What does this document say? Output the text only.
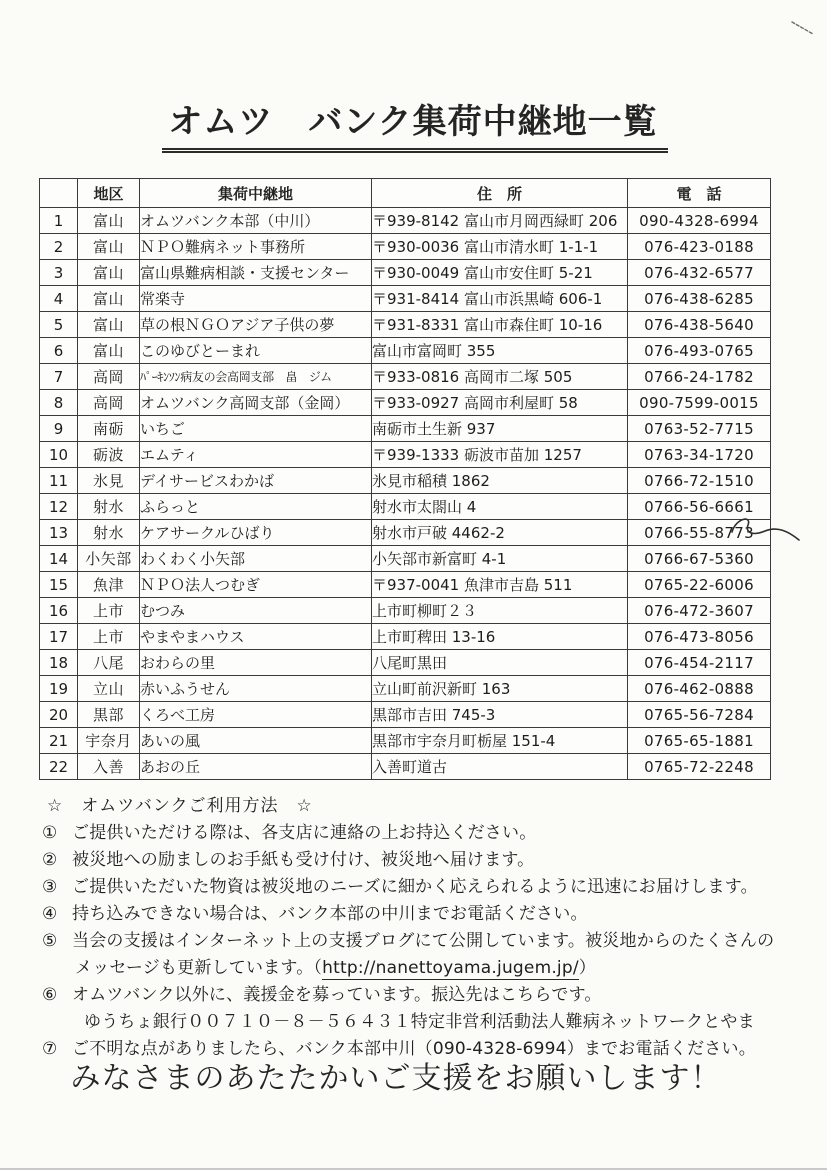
オムツ　バンク集荷中継地一覧
	地区	集荷中継地	住　所	電　話
1	富山	オムツバンク本部（中川）	〒939-8142 富山市月岡西緑町 206	090-4328-6994
2	富山	ＮＰＯ難病ネット事務所	〒930-0036 富山市清水町 1-1-1	076-423-0188
3	富山	富山県難病相談・支援センター	〒930-0049 富山市安住町 5-21	076-432-6577
4	富山	常楽寺	〒931-8414 富山市浜黒崎 606-1	076-438-6285
5	富山	草の根ＮＧＯアジア子供の夢	〒931-8331 富山市森住町 10-16	076-438-5640
6	富山	このゆびとーまれ	富山市富岡町 355	076-493-0765
7	高岡	ﾊﾟｰｷﾝｿﾝ病友の会高岡支部　畠　ジム	〒933-0816 高岡市二塚 505	0766-24-1782
8	高岡	オムツバンク高岡支部（金岡）	〒933-0927 高岡市利屋町 58	090-7599-0015
9	南砺	いちご	南砺市土生新 937	0763-52-7715
10	砺波	エムティ	〒939-1333 砺波市苗加 1257	0763-34-1720
11	氷見	デイサービスわかば	氷見市稲積 1862	0766-72-1510
12	射水	ふらっと	射水市太閤山 4	0766-56-6661
13	射水	ケアサークルひばり	射水市戸破 4462-2	0766-55-8773
14	小矢部	わくわく小矢部	小矢部市新富町 4-1	0766-67-5360
15	魚津	ＮＰＯ法人つむぎ	〒937-0041 魚津市吉島 511	0765-22-6006
16	上市	むつみ	上市町柳町２３	076-472-3607
17	上市	やまやまハウス	上市町稗田 13-16	076-473-8056
18	八尾	おわらの里	八尾町黒田	076-454-2117
19	立山	赤いふうせん	立山町前沢新町 163	076-462-0888
20	黒部	くろべ工房	黒部市吉田 745-3	0765-56-7284
21	宇奈月	あいの風	黒部市宇奈月町栃屋 151-4	0765-65-1881
22	入善	あおの丘	入善町道古	0765-72-2248
☆　オムツバンクご利用方法　☆
① ご提供いただける際は、各支店に連絡の上お持込ください。
② 被災地への励ましのお手紙も受け付け、被災地へ届けます。
③ ご提供いただいた物資は被災地のニーズに細かく応えられるように迅速にお届けします。
④ 持ち込みできない場合は、バンク本部の中川までお電話ください。
⑤ 当会の支援はインターネット上の支援ブログにて公開しています。被災地からのたくさんの
メッセージも更新しています。（http://nanettoyama.jugem.jp/）
⑥ オムツバンク以外に、義援金を募っています。振込先はこちらです。
ゆうちょ銀行００７１０－８－５６４３１特定非営利活動法人難病ネットワークとやま
⑦ ご不明な点がありましたら、バンク本部中川（090-4328-6994）までお電話ください。
みなさまのあたたかいご支援をお願いします！
